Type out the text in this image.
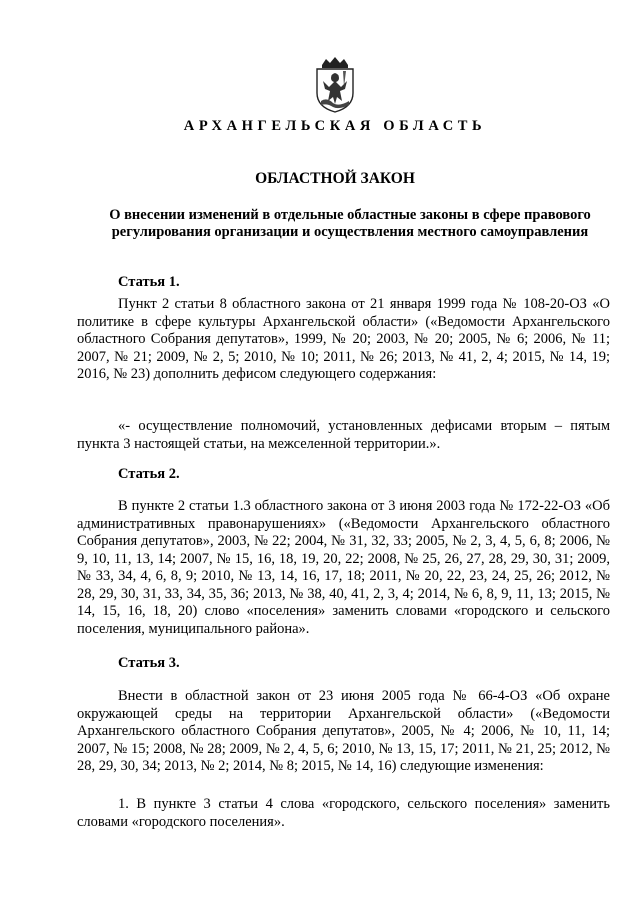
АРХАНГЕЛЬСКАЯ ОБЛАСТЬ
ОБЛАСТНОЙ ЗАКОН
О внесении изменений в отдельные областные законы в сфере правового регулирования организации и осуществления местного самоуправления
Статья 1.
Пункт 2 статьи 8 областного закона от 21 января 1999 года № 108-20-ОЗ «О политике в сфере культуры Архангельской области» («Ведомости Архангельского областного Собрания депутатов», 1999, № 20; 2003, № 20; 2005, № 6; 2006, № 11; 2007, № 21; 2009, № 2, 5; 2010, № 10; 2011, № 26; 2013, № 41, 2, 4; 2015, № 14, 19; 2016, № 23) дополнить дефисом следующего содержания:
«- осуществление полномочий, установленных дефисами вторым – пятым пункта 3 настоящей статьи, на межселенной территории.».
Статья 2.
В пункте 2 статьи 1.3 областного закона от 3 июня 2003 года № 172-22-ОЗ «Об административных правонарушениях» («Ведомости Архангельского областного Собрания депутатов», 2003, № 22; 2004, № 31, 32, 33; 2005, № 2, 3, 4, 5, 6, 8; 2006, № 9, 10, 11, 13, 14; 2007, № 15, 16, 18, 19, 20, 22; 2008, № 25, 26, 27, 28, 29, 30, 31; 2009, № 33, 34, 4, 6, 8, 9; 2010, № 13, 14, 16, 17, 18; 2011, № 20, 22, 23, 24, 25, 26; 2012, № 28, 29, 30, 31, 33, 34, 35, 36; 2013, № 38, 40, 41, 2, 3, 4; 2014, № 6, 8, 9, 11, 13; 2015, № 14, 15, 16, 18, 20) слово «поселения» заменить словами «городского и сельского поселения, муниципального района».
Статья 3.
Внести в областной закон от 23 июня 2005 года № 66-4-ОЗ «Об охране окружающей среды на территории Архангельской области» («Ведомости Архангельского областного Собрания депутатов», 2005, № 4; 2006, № 10, 11, 14; 2007, № 15; 2008, № 28; 2009, № 2, 4, 5, 6; 2010, № 13, 15, 17; 2011, № 21, 25; 2012, № 28, 29, 30, 34; 2013, № 2; 2014, № 8; 2015, № 14, 16) следующие изменения:
1. В пункте 3 статьи 4 слова «городского, сельского поселения» заменить словами «городского поселения».
